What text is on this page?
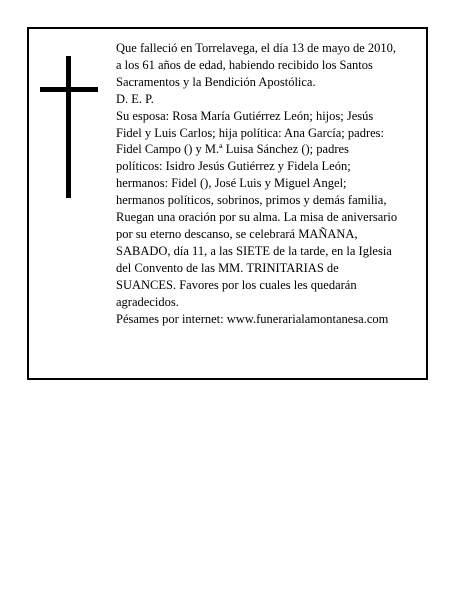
Que falleció en Torrelavega, el día 13 de mayo de 2010,
a los 61 años de edad, habiendo recibido los Santos
Sacramentos y la Bendición Apostólica.
D. E. P.
Su esposa: Rosa María Gutiérrez León; hijos; Jesús
Fidel y Luis Carlos; hija política: Ana García; padres:
Fidel Campo () y M.ª Luisa Sánchez (); padres
políticos: Isidro Jesús Gutiérrez y Fidela León;
hermanos: Fidel (), José Luis y Miguel Angel;
hermanos políticos, sobrinos, primos y demás familia,
Ruegan una oración por su alma. La misa de aniversario
por su eterno descanso, se celebrará MAÑANA,
SABADO, día 11, a las SIETE de la tarde, en la Iglesia
del Convento de las MM. TRINITARIAS de
SUANCES. Favores por los cuales les quedarán
agradecidos.
Pésames por internet: www.funerarialamontanesa.com
